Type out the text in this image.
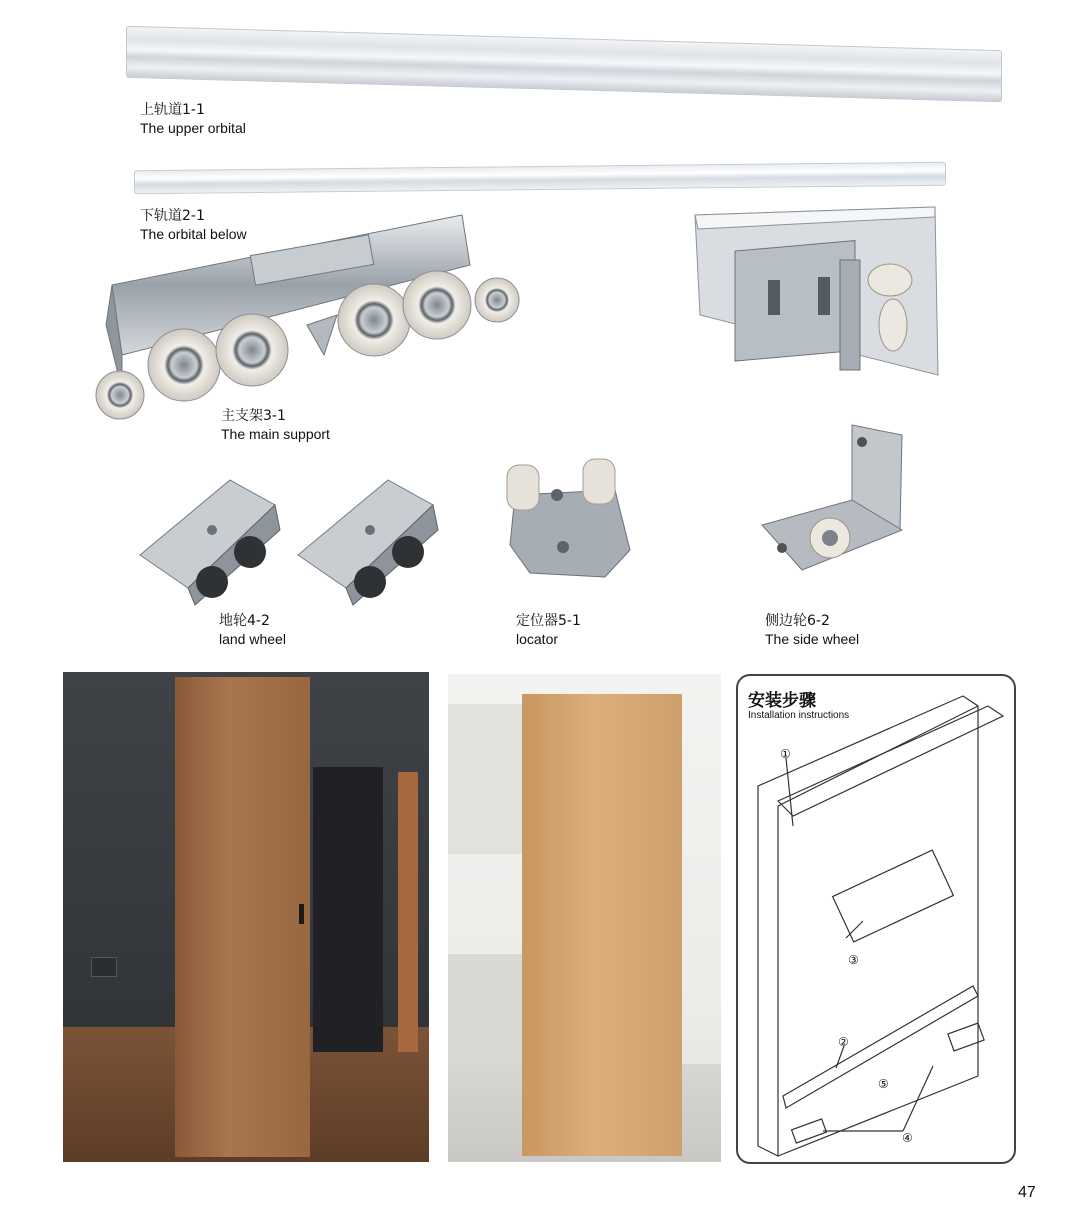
上轨道1-1
The upper orbital
下轨道2-1
The orbital below
主支架3-1
The main support
地轮4-2
land wheel
定位器5-1
locator
侧边轮6-2
The side wheel
安装步骤
Installation instructions
①
②
③
④
⑤
47
